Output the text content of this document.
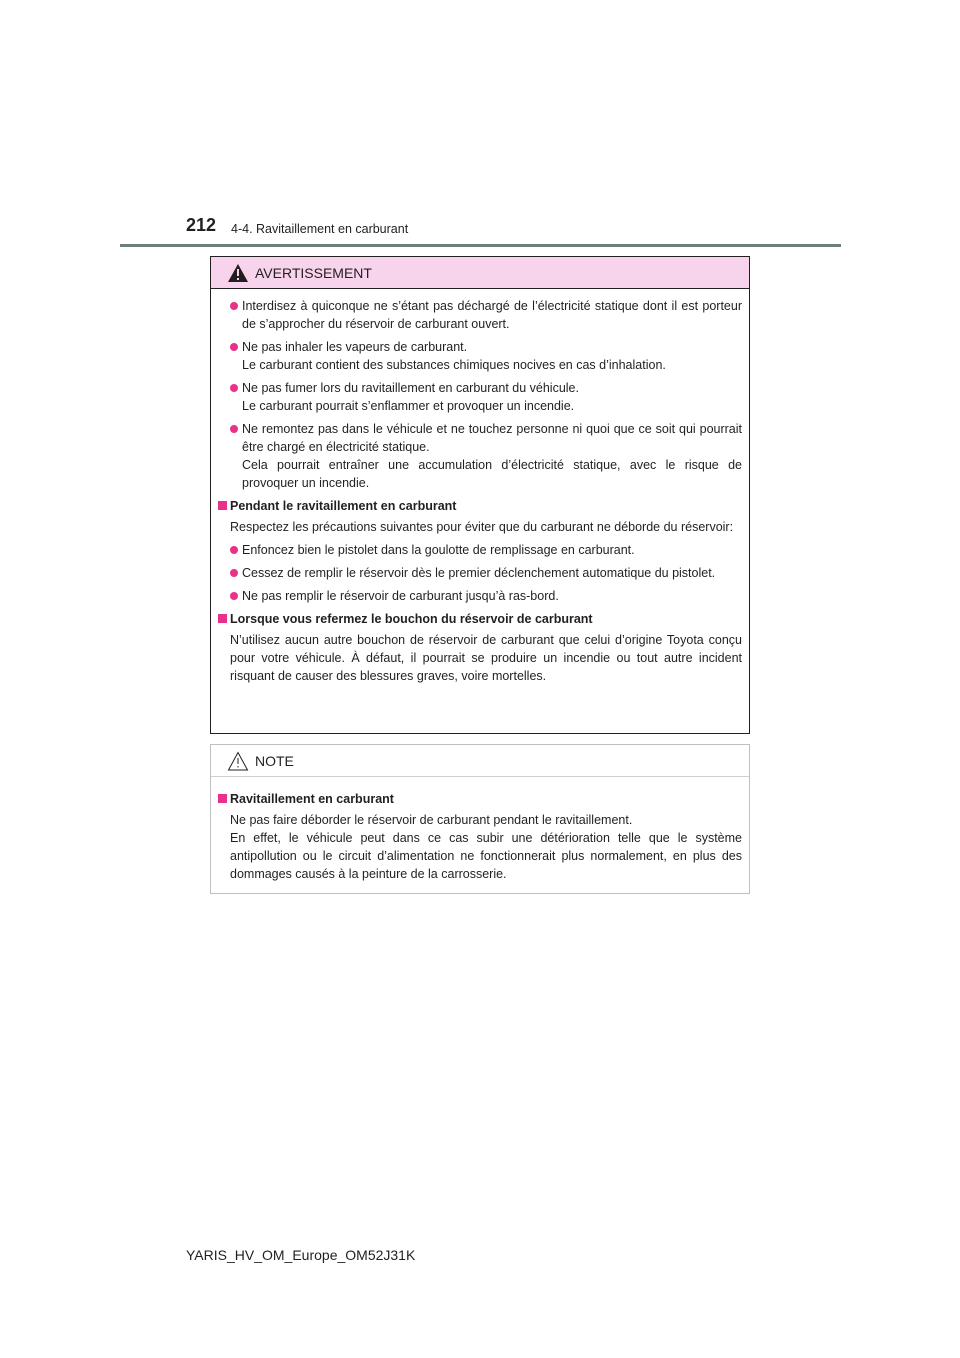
212 4-4. Ravitaillement en carburant
AVERTISSEMENT
Interdisez à quiconque ne s’étant pas déchargé de l’électricité statique dont il est porteur de s’approcher du réservoir de carburant ouvert.
Ne pas inhaler les vapeurs de carburant.
Le carburant contient des substances chimiques nocives en cas d’inhalation.
Ne pas fumer lors du ravitaillement en carburant du véhicule.
Le carburant pourrait s’enflammer et provoquer un incendie.
Ne remontez pas dans le véhicule et ne touchez personne ni quoi que ce soit qui pourrait être chargé en électricité statique.
Cela pourrait entraîner une accumulation d’électricité statique, avec le risque de provoquer un incendie.
Pendant le ravitaillement en carburant
Respectez les précautions suivantes pour éviter que du carburant ne déborde du réservoir:
Enfoncez bien le pistolet dans la goulotte de remplissage en carburant.
Cessez de remplir le réservoir dès le premier déclenchement automatique du pistolet.
Ne pas remplir le réservoir de carburant jusqu’à ras-bord.
Lorsque vous refermez le bouchon du réservoir de carburant
N’utilisez aucun autre bouchon de réservoir de carburant que celui d’origine Toyota conçu pour votre véhicule. À défaut, il pourrait se produire un incendie ou tout autre incident risquant de causer des blessures graves, voire mortelles.
NOTE
Ravitaillement en carburant
Ne pas faire déborder le réservoir de carburant pendant le ravitaillement.
En effet, le véhicule peut dans ce cas subir une détérioration telle que le système antipollution ou le circuit d’alimentation ne fonctionnerait plus normalement, en plus des dommages causés à la peinture de la carrosserie.
YARIS_HV_OM_Europe_OM52J31K
